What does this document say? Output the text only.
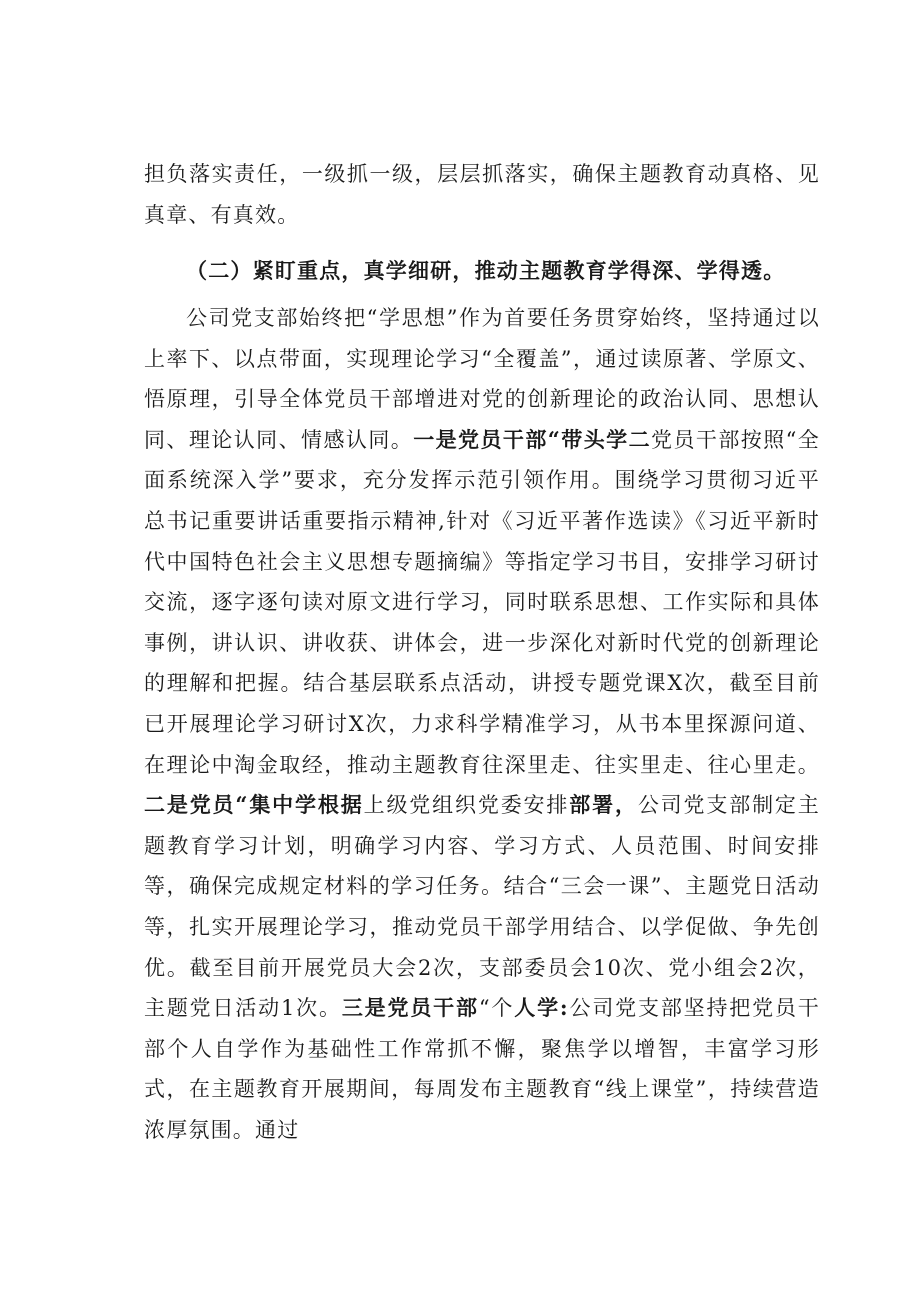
担负落实责任，一级抓一级，层层抓落实，确保主题教育动真格、见真章、有真效。
（二）紧盯重点，真学细研，推动主题教育学得深、学得透。
公司党支部始终把“学思想”作为首要任务贯穿始终，坚持通过以上率下、以点带面，实现理论学习“全覆盖”，通过读原著、学原文、悟原理，引导全体党员干部增进对党的创新理论的政治认同、思想认同、理论认同、情感认同。一是党员干部“带头学二党员干部按照“全面系统深入学”要求，充分发挥示范引领作用。围绕学习贯彻习近平总书记重要讲话重要指示精神,针对《习近平著作选读》《习近平新时代中国特色社会主义思想专题摘编》等指定学习书目，安排学习研讨交流，逐字逐句读对原文进行学习，同时联系思想、工作实际和具体事例，讲认识、讲收获、讲体会，进一步深化对新时代党的创新理论的理解和把握。结合基层联系点活动，讲授专题党课X次，截至目前已开展理论学习研讨X次，力求科学精准学习，从书本里探源问道、在理论中淘金取经，推动主题教育往深里走、往实里走、往心里走。二是党员“集中学根据上级党组织党委安排部署，公司党支部制定主题教育学习计划，明确学习内容、学习方式、人员范围、时间安排等，确保完成规定材料的学习任务。结合“三会一课”、主题党日活动等，扎实开展理论学习，推动党员干部学用结合、以学促做、争先创优。截至目前开展党员大会2次，支部委员会10次、党小组会2次，主题党日活动1次。三是党员干部“个人学:公司党支部坚持把党员干部个人自学作为基础性工作常抓不懈，聚焦学以增智，丰富学习形式，在主题教育开展期间，每周发布主题教育“线上课堂”，持续营造浓厚氛围。通过
